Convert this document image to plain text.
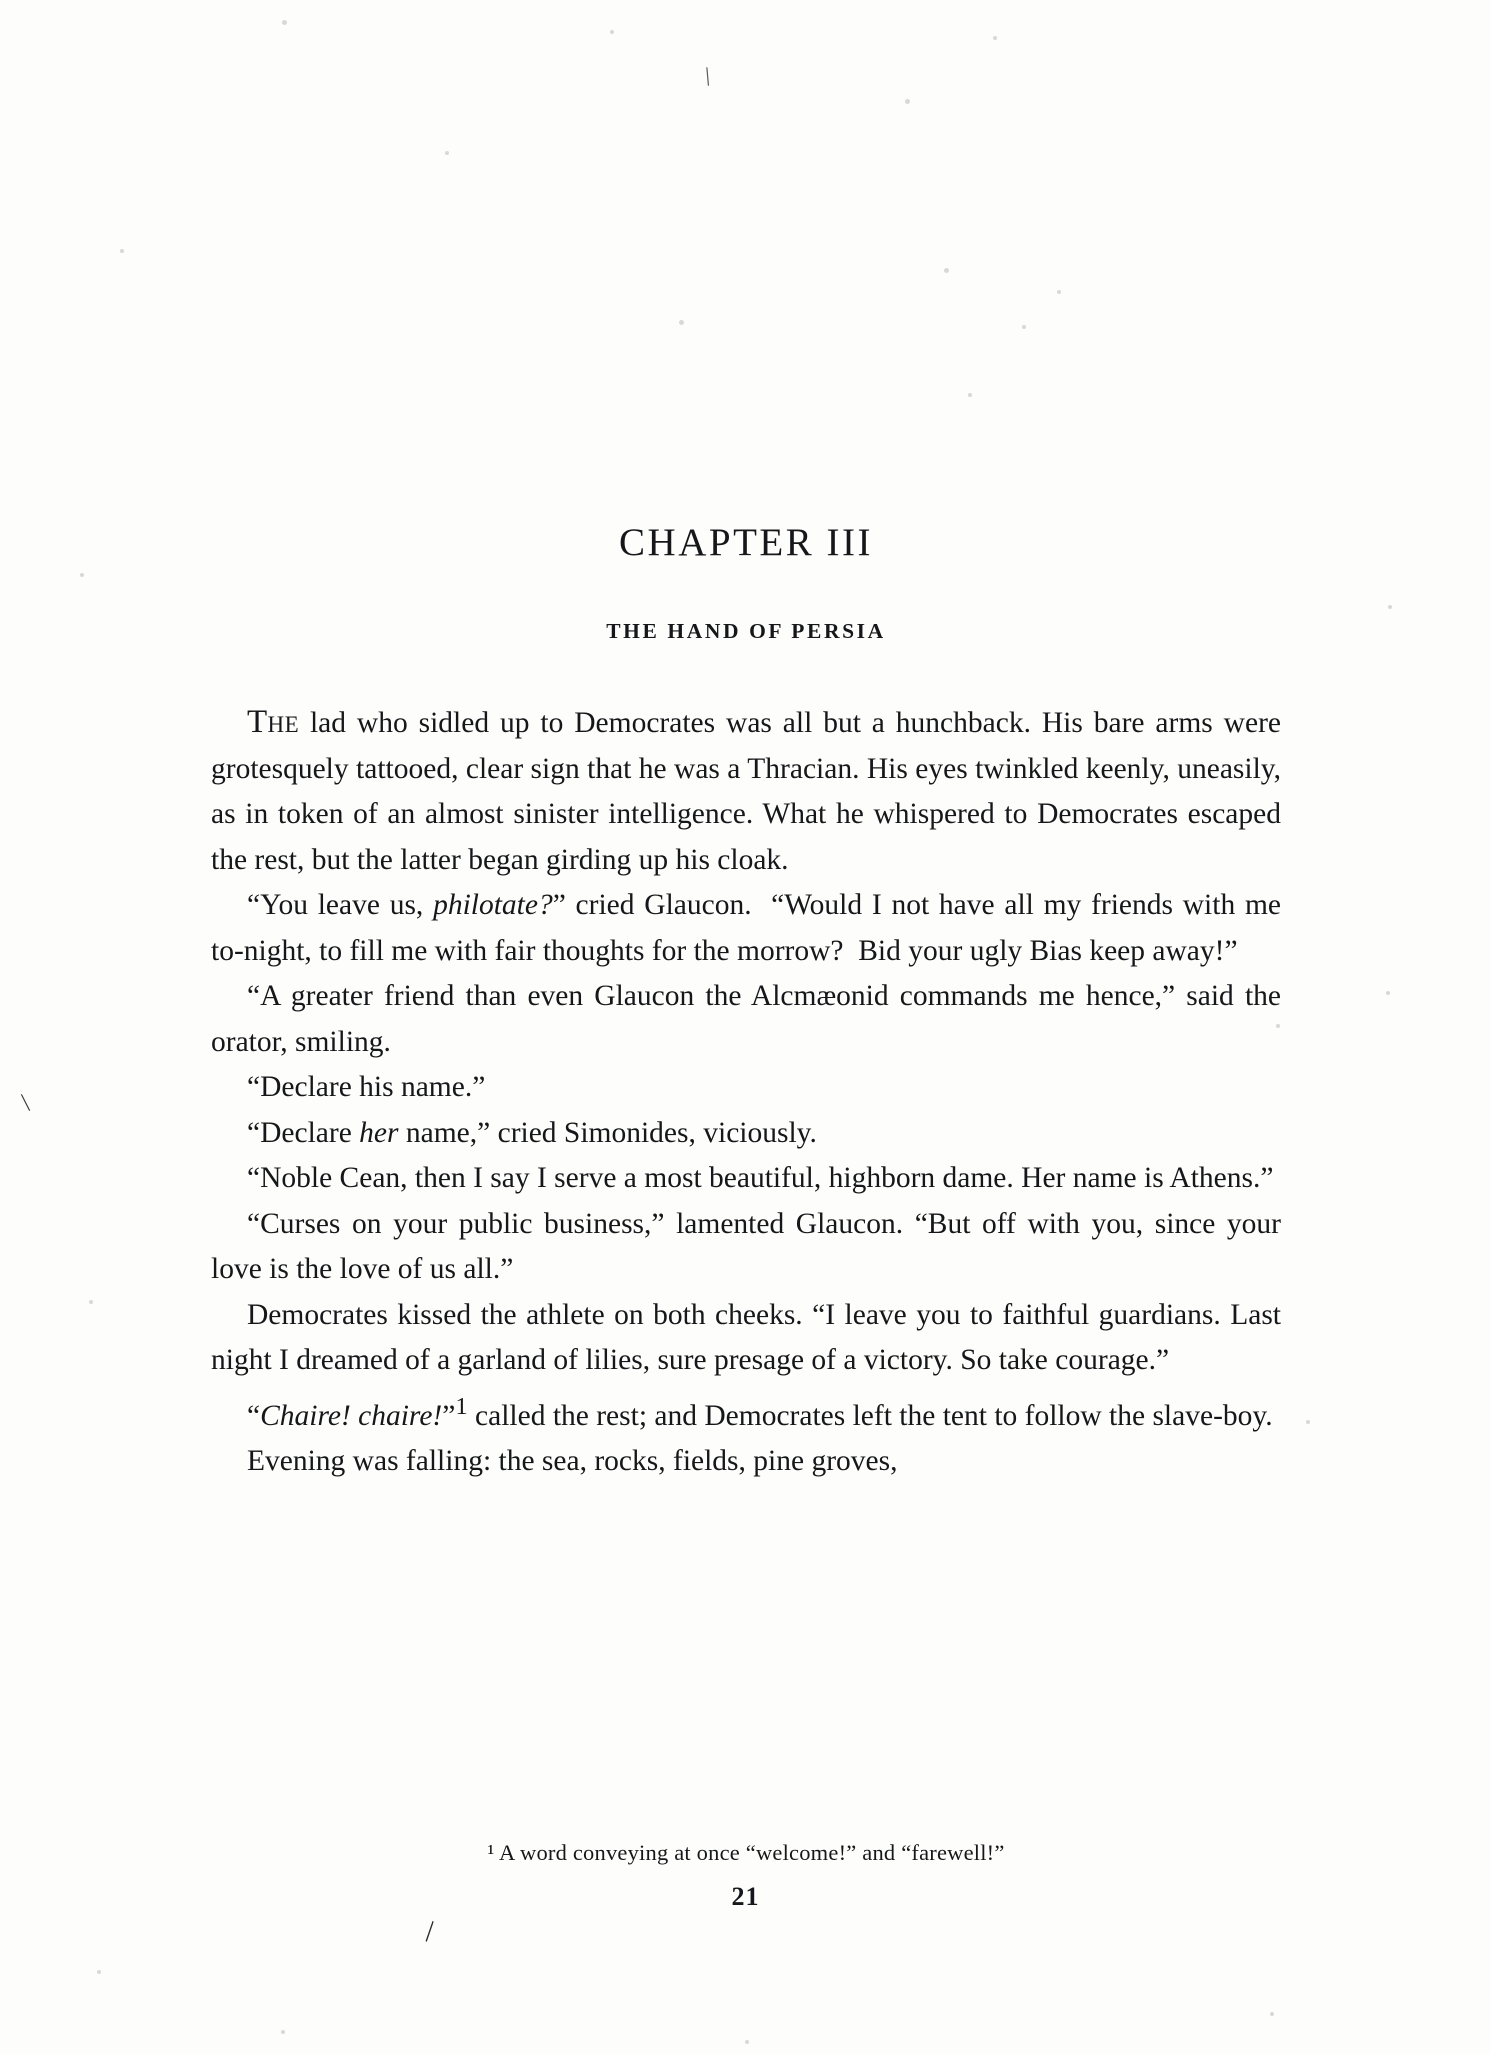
\
\
\
CHAPTER III
THE HAND OF PERSIA

The lad who sidled up to Democrates was all but a hunchback. His bare arms were grotesquely tattooed, clear sign that he was a Thracian. His eyes twinkled keenly, uneasily, as in token of an almost sinister intelligence. What he whispered to Democrates escaped the rest, but the latter began girding up his cloak.

“You leave us, philotate?” cried Glaucon.  “Would I not have all my friends with me to-night, to fill me with fair thoughts for the morrow?  Bid your ugly Bias keep away!”

“A greater friend than even Glaucon the Alcmæonid commands me hence,” said the orator, smiling.

“Declare his name.”

“Declare her name,” cried Simonides, viciously.

“Noble Cean, then I say I serve a most beautiful, highborn dame. Her name is Athens.”

“Curses on your public business,” lamented Glaucon. “But off with you, since your love is the love of us all.”

Democrates kissed the athlete on both cheeks. “I leave you to faithful guardians. Last night I dreamed of a garland of lilies, sure presage of a victory. So take courage.”

“Chaire! chaire!”$^1$ called the rest; and Democrates left the tent to follow the slave-boy.

Evening was falling: the sea, rocks, fields, pine groves,

¹ A word conveying at once “welcome!” and “farewell!”
21
